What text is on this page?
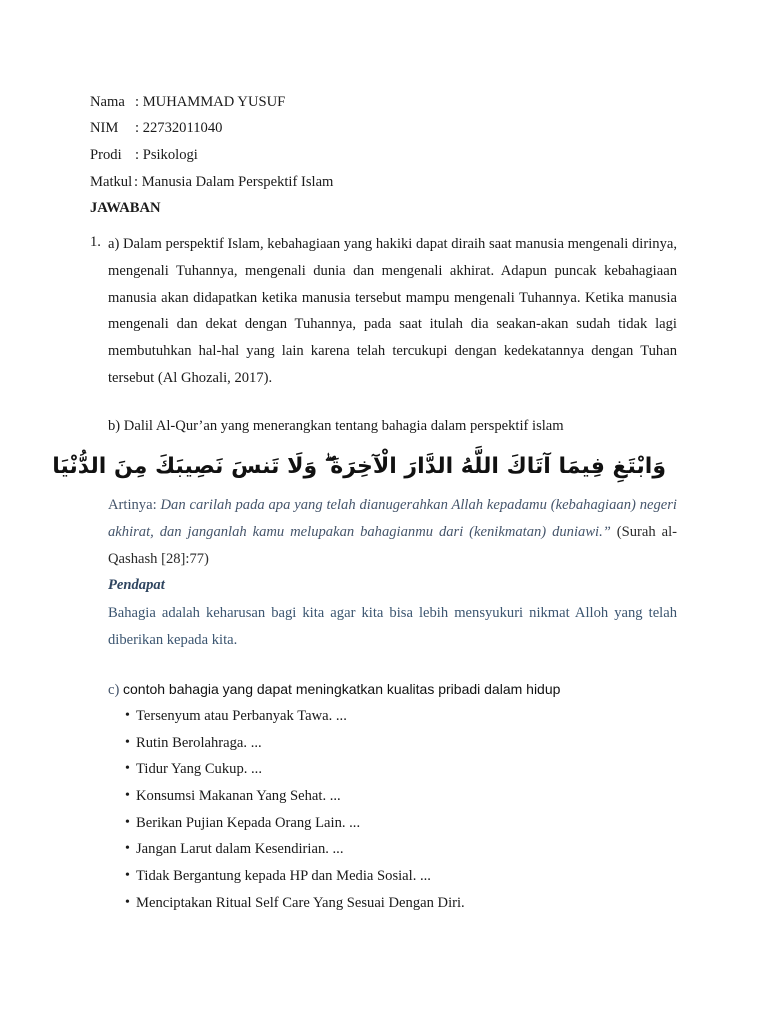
Nama : MUHAMMAD YUSUF
NIM : 22732011040
Prodi : Psikologi
Matkul : Manusia Dalam Perspektif Islam
JAWABAN
1. a) Dalam perspektif Islam, kebahagiaan yang hakiki dapat diraih saat manusia mengenali dirinya, mengenali Tuhannya, mengenali dunia dan mengenali akhirat. Adapun puncak kebahagiaan manusia akan didapatkan ketika manusia tersebut mampu mengenali Tuhannya. Ketika manusia mengenali dan dekat dengan Tuhannya, pada saat itulah dia seakan-akan sudah tidak lagi membutuhkan hal-hal yang lain karena telah tercukupi dengan kedekatannya dengan Tuhan tersebut (Al Ghozali, 2017).
b) Dalil Al-Qur’an yang menerangkan tentang bahagia dalam perspektif islam
وَابْتَغِ فِيمَا آتَاكَ اللَّهُ الدَّارَ الْآخِرَةَ ۖ وَلَا تَنسَ نَصِيبَكَ مِنَ الدُّنْيَا
Artinya: Dan carilah pada apa yang telah dianugerahkan Allah kepadamu (kebahagiaan) negeri akhirat, dan janganlah kamu melupakan bahagianmu dari (kenikmatan) duniawi.” (Surah al-Qashash [28]:77)
Pendapat
Bahagia adalah keharusan bagi kita agar kita bisa lebih mensyukuri nikmat Alloh yang telah diberikan kepada kita.
c) contoh bahagia yang dapat meningkatkan kualitas pribadi dalam hidup
• Tersenyum atau Perbanyak Tawa. ...
• Rutin Berolahraga. ...
• Tidur Yang Cukup. ...
• Konsumsi Makanan Yang Sehat. ...
• Berikan Pujian Kepada Orang Lain. ...
• Jangan Larut dalam Kesendirian. ...
• Tidak Bergantung kepada HP dan Media Sosial. ...
• Menciptakan Ritual Self Care Yang Sesuai Dengan Diri.
